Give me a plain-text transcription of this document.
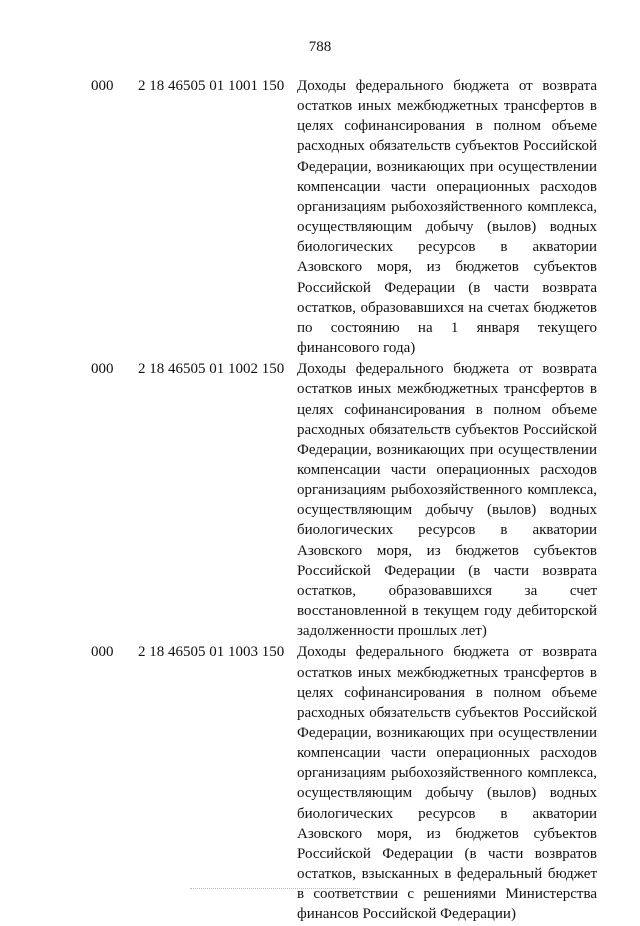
788
000 2 18 46505 01 1001 150 Доходы федерального бюджета от возврата остатков иных межбюджетных трансфертов в целях софинансирования в полном объеме расходных обязательств субъектов Российской Федерации, возникающих при осуществлении компенсации части операционных расходов организациям рыбохозяйственного комплекса, осуществляющим добычу (вылов) водных биологических ресурсов в акватории Азовского моря, из бюджетов субъектов Российской Федерации (в части возврата остатков, образовавшихся на счетах бюджетов по состоянию на 1 января текущего финансового года)
000 2 18 46505 01 1002 150 Доходы федерального бюджета от возврата остатков иных межбюджетных трансфертов в целях софинансирования в полном объеме расходных обязательств субъектов Российской Федерации, возникающих при осуществлении компенсации части операционных расходов организациям рыбохозяйственного комплекса, осуществляющим добычу (вылов) водных биологических ресурсов в акватории Азовского моря, из бюджетов субъектов Российской Федерации (в части возврата остатков, образовавшихся за счет восстановленной в текущем году дебиторской задолженности прошлых лет)
000 2 18 46505 01 1003 150 Доходы федерального бюджета от возврата остатков иных межбюджетных трансфертов в целях софинансирования в полном объеме расходных обязательств субъектов Российской Федерации, возникающих при осуществлении компенсации части операционных расходов организациям рыбохозяйственного комплекса, осуществляющим добычу (вылов) водных биологических ресурсов в акватории Азовского моря, из бюджетов субъектов Российской Федерации (в части возвратов остатков, взысканных в федеральный бюджет в соответствии с решениями Министерства финансов Российской Федерации)
